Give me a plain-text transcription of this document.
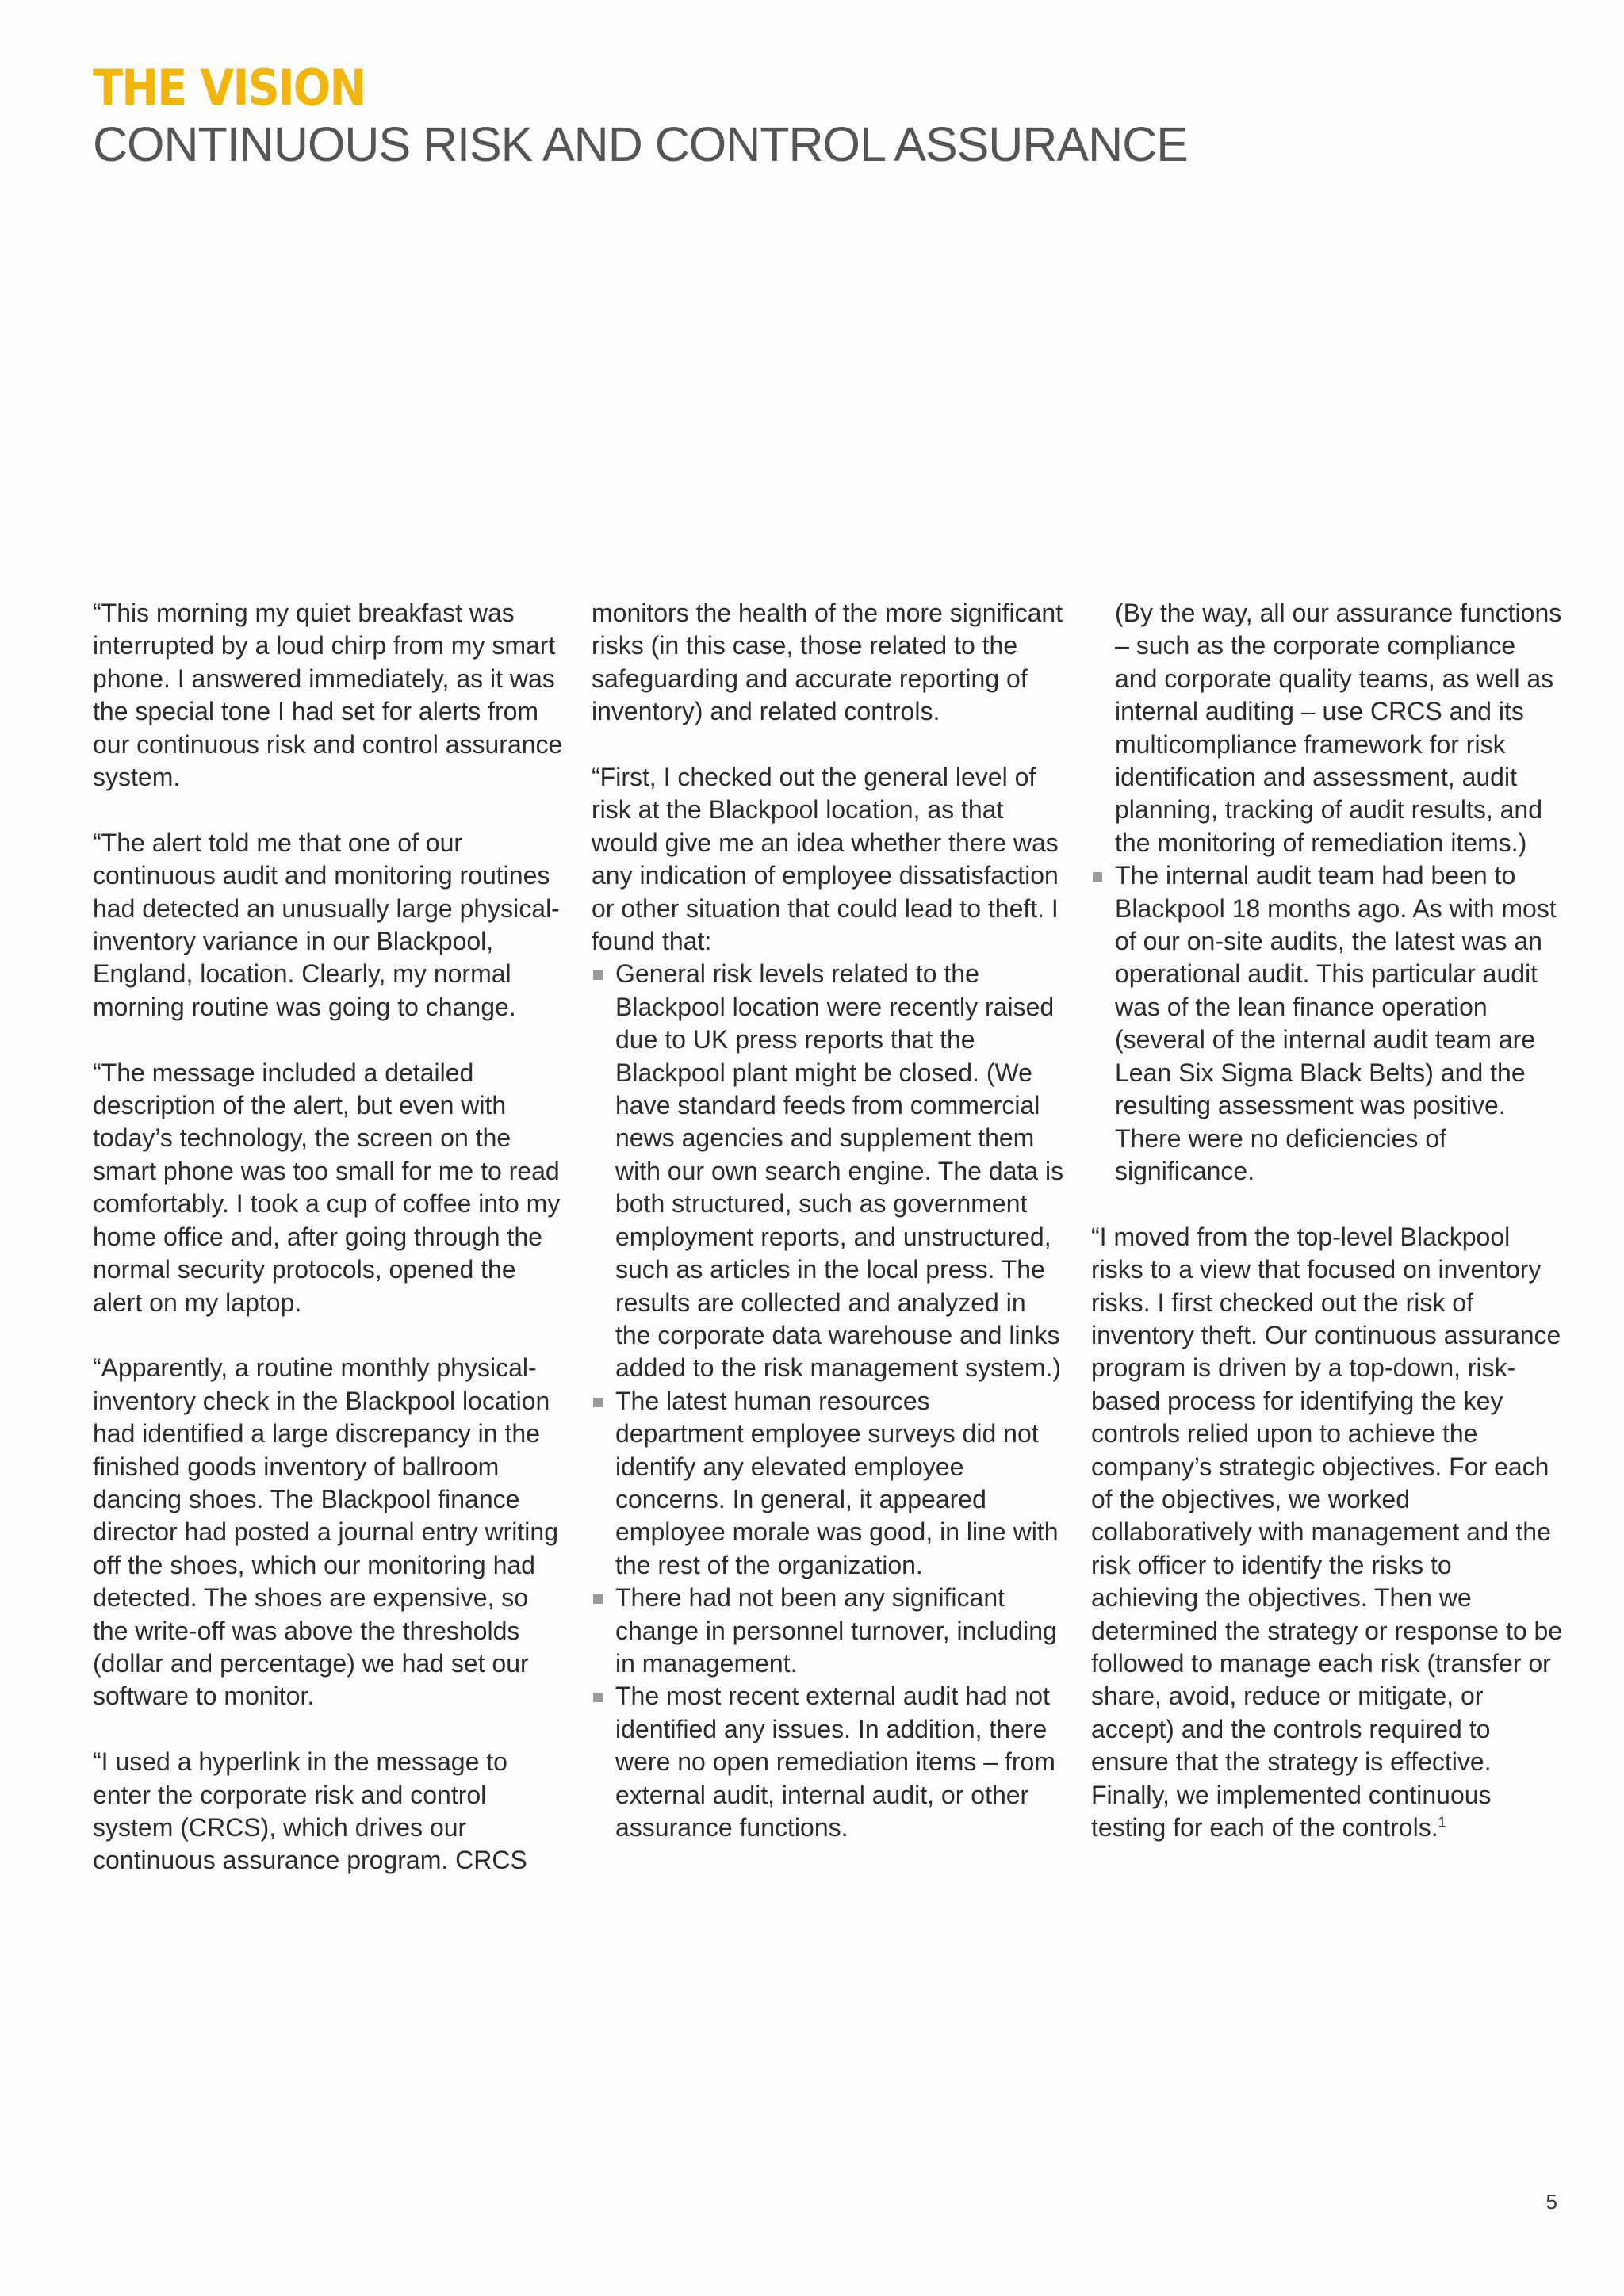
THE VISION
CONTINUOUS RISK AND CONTROL ASSURANCE

“This morning my quiet breakfast was interrupted by a loud chirp from my smart phone. I answered immediately, as it was the special tone I had set for alerts from our continuous risk and control assurance system.

“The alert told me that one of our continuous audit and monitoring routines had detected an unusually large physical-inventory variance in our Blackpool, England, location. Clearly, my normal morning routine was going to change.

“The message included a detailed description of the alert, but even with today’s technology, the screen on the smart phone was too small for me to read comfortably. I took a cup of coffee into my home office and, after going through the normal security protocols, opened the alert on my laptop.

“Apparently, a routine monthly physical-inventory check in the Blackpool location had identified a large discrepancy in the finished goods inventory of ballroom dancing shoes. The Blackpool finance director had posted a journal entry writing off the shoes, which our monitoring had detected. The shoes are expensive, so the write-off was above the thresholds (dollar and percentage) we had set our software to monitor.

“I used a hyperlink in the message to enter the corporate risk and control system (CRCS), which drives our continuous assurance program. CRCS

monitors the health of the more significant risks (in this case, those related to the safeguarding and accurate reporting of inventory) and related controls.

“First, I checked out the general level of risk at the Blackpool location, as that would give me an idea whether there was any indication of employee dissatisfaction or other situation that could lead to theft. I found that:

General risk levels related to the Blackpool location were recently raised due to UK press reports that the Blackpool plant might be closed. (We have standard feeds from commercial news agencies and supplement them with our own search engine. The data is both structured, such as government employment reports, and unstructured, such as articles in the local press. The results are collected and analyzed in the corporate data warehouse and links added to the risk management system.)
The latest human resources department employee surveys did not identify any elevated employee concerns. In general, it appeared employee morale was good, in line with the rest of the organization.
There had not been any significant change in personnel turnover, including in management.
The most recent external audit had not identified any issues. In addition, there were no open remediation items – from external audit, internal audit, or other assurance functions.

(By the way, all our assurance functions – such as the corporate compliance and corporate quality teams, as well as internal auditing – use CRCS and its multicompliance framework for risk identification and assessment, audit planning, tracking of audit results, and the monitoring of remediation items.)

The internal audit team had been to Blackpool 18 months ago. As with most of our on-site audits, the latest was an operational audit. This particular audit was of the lean finance operation (several of the internal audit team are Lean Six Sigma Black Belts) and the resulting assessment was positive. There were no deficiencies of significance.

“I moved from the top-level Blackpool risks to a view that focused on inventory risks. I first checked out the risk of inventory theft. Our continuous assurance program is driven by a top-down, risk-based process for identifying the key controls relied upon to achieve the company’s strategic objectives. For each of the objectives, we worked collaboratively with management and the risk officer to identify the risks to achieving the objectives. Then we determined the strategy or response to be followed to manage each risk (transfer or share, avoid, reduce or mitigate, or accept) and the controls required to ensure that the strategy is effective. Finally, we implemented continuous testing for each of the controls.$^1$

5
